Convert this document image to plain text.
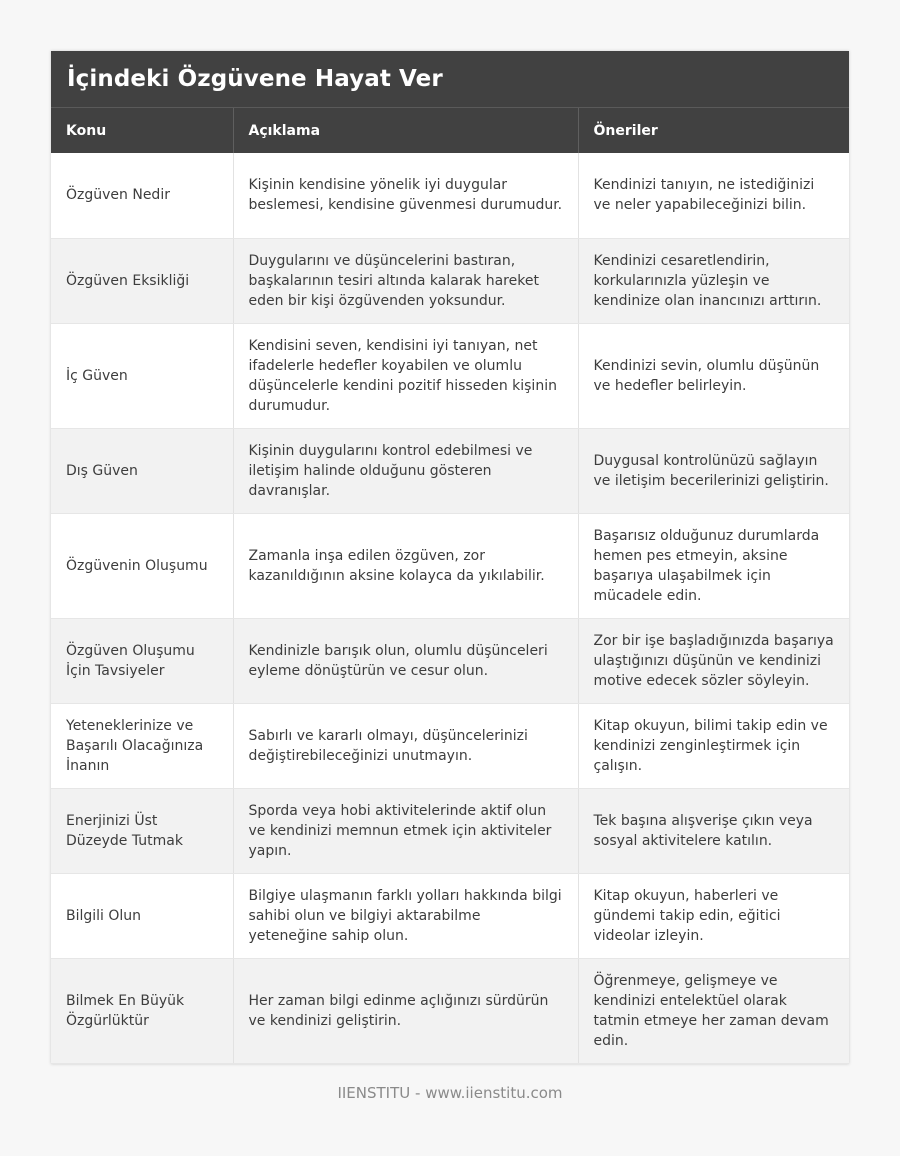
İçindeki Özgüvene Hayat Ver
Konu	Açıklama	Öneriler
Özgüven Nedir	Kişinin kendisine yönelik iyi duygular beslemesi, kendisine güvenmesi durumudur.	Kendinizi tanıyın, ne istediğinizi ve neler yapabileceğinizi bilin.
Özgüven Eksikliği	Duygularını ve düşüncelerini bastıran, başkalarının tesiri altında kalarak hareket eden bir kişi özgüvenden yoksundur.	Kendinizi cesaretlendirin, korkularınızla yüzleşin ve kendinize olan inancınızı arttırın.
İç Güven	Kendisini seven, kendisini iyi tanıyan, net ifadelerle hedefler koyabilen ve olumlu düşüncelerle kendini pozitif hisseden kişinin durumudur.	Kendinizi sevin, olumlu düşünün ve hedefler belirleyin.
Dış Güven	Kişinin duygularını kontrol edebilmesi ve iletişim halinde olduğunu gösteren davranışlar.	Duygusal kontrolünüzü sağlayın ve iletişim becerilerinizi geliştirin.
Özgüvenin Oluşumu	Zamanla inşa edilen özgüven, zor kazanıldığının aksine kolayca da yıkılabilir.	Başarısız olduğunuz durumlarda hemen pes etmeyin, aksine başarıya ulaşabilmek için mücadele edin.
Özgüven Oluşumu İçin Tavsiyeler	Kendinizle barışık olun, olumlu düşünceleri eyleme dönüştürün ve cesur olun.	Zor bir işe başladığınızda başarıya ulaştığınızı düşünün ve kendinizi motive edecek sözler söyleyin.
Yeteneklerinize ve Başarılı Olacağınıza İnanın	Sabırlı ve kararlı olmayı, düşüncelerinizi değiştirebileceğinizi unutmayın.	Kitap okuyun, bilimi takip edin ve kendinizi zenginleştirmek için çalışın.
Enerjinizi Üst Düzeyde Tutmak	Sporda veya hobi aktivitelerinde aktif olun ve kendinizi memnun etmek için aktiviteler yapın.	Tek başına alışverişe çıkın veya sosyal aktivitelere katılın.
Bilgili Olun	Bilgiye ulaşmanın farklı yolları hakkında bilgi sahibi olun ve bilgiyi aktarabilme yeteneğine sahip olun.	Kitap okuyun, haberleri ve gündemi takip edin, eğitici videolar izleyin.
Bilmek En Büyük Özgürlüktür	Her zaman bilgi edinme açlığınızı sürdürün ve kendinizi geliştirin.	Öğrenmeye, gelişmeye ve kendinizi entelektüel olarak tatmin etmeye her zaman devam edin.
IIENSTITU - www.iienstitu.com
